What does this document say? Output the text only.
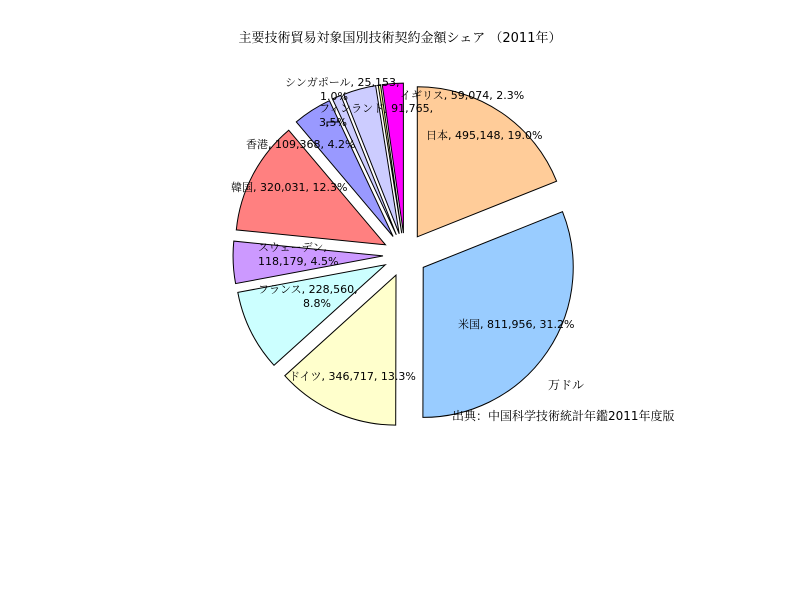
主要技術貿易対象国別技術契約金額シェア （2011年）
日本, 495,148, 19.0%
米国, 811,956, 31.2%
ドイツ, 346,717, 13.3%
フランス, 228,560, 8.8%
スウェーデン, 118,179, 4.5%
韓国, 320,031, 12.3%
香港, 109,368, 4.2%
シンガポール, 25,153, 1.0%
フィンランド, 91,765, 3.5%
イギリス, 59,074, 2.3%
万ドル
出典：中国科学技術統計年鑑2011年度版
